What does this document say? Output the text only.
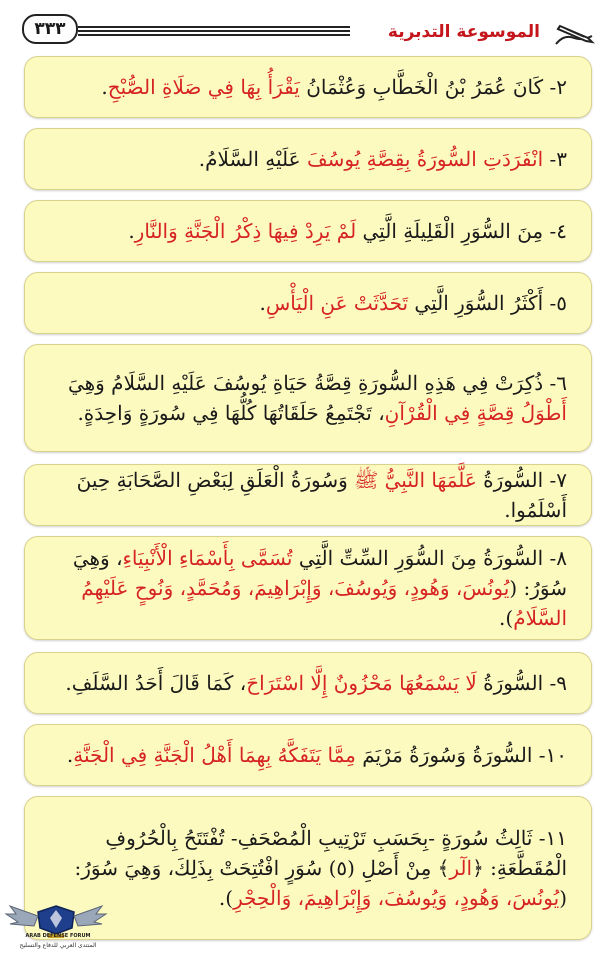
٣٣٣	الموسوعة التدبرية

٢- كَانَ عُمَرُ بْنُ الْخَطَّابِ وَعُثْمَانُ يَقْرَأُ بِهَا فِي صَلَاةِ الصُّبْحِ.

٣- انْفَرَدَتِ السُّورَةُ بِقِصَّةِ يُوسُفَ عَلَيْهِ السَّلَامُ.

٤- مِنَ السُّوَرِ الْقَلِيلَةِ الَّتِي لَمْ يَرِدْ فِيهَا ذِكْرُ الْجَنَّةِ وَالنَّارِ.

٥- أَكْثَرُ السُّوَرِ الَّتِي تَحَدَّثَتْ عَنِ الْيَأْسِ.

٦- ذُكِرَتْ فِي هَذِهِ السُّورَةِ قِصَّةُ حَيَاةِ يُوسُفَ عَلَيْهِ السَّلَامُ وَهِيَ أَطْوَلُ قِصَّةٍ فِي الْقُرْآنِ، تَجْتَمِعُ حَلَقَاتُهَا كُلُّهَا فِي سُورَةٍ وَاحِدَةٍ.

٧- السُّورَةُ عَلَّمَهَا النَّبِيُّ ﷺ وَسُورَةُ الْعَلَقِ لِبَعْضِ الصَّحَابَةِ حِينَ أَسْلَمُوا.

٨- السُّورَةُ مِنَ السُّوَرِ السِّتِّ الَّتِي تُسَمَّى بِأَسْمَاءِ الْأَنْبِيَاءِ، وَهِيَ سُوَرُ: (يُونُسَ، وَهُودٍ، وَيُوسُفَ، وَإِبْرَاهِيمَ، وَمُحَمَّدٍ، وَنُوحٍ عَلَيْهِمُ السَّلَامُ).

٩- السُّورَةُ لَا يَسْمَعُهَا مَحْزُونٌ إِلَّا اسْتَرَاحَ، كَمَا قَالَ أَحَدُ السَّلَفِ.

١٠- السُّورَةُ وَسُورَةُ مَرْيَمَ مِمَّا يَتَفَكَّهُ بِهِمَا أَهْلُ الْجَنَّةِ فِي الْجَنَّةِ.

١١- ثَالِثُ سُورَةٍ -بِحَسَبِ تَرْتِيبِ الْمُصْحَفِ- تُفْتَتَحُ بِالْحُرُوفِ الْمُقَطَّعَةِ: ﴿الٓر﴾ مِنْ أَصْلِ (٥) سُوَرٍ افْتُتِحَتْ بِذَلِكَ، وَهِيَ سُوَرُ: (يُونُسَ، وَهُودٍ، وَيُوسُفَ، وَإِبْرَاهِيمَ، وَالْحِجْرِ).

ARAB DEFENSE FORUM
المنتدى العربي للدفاع والتسليح
